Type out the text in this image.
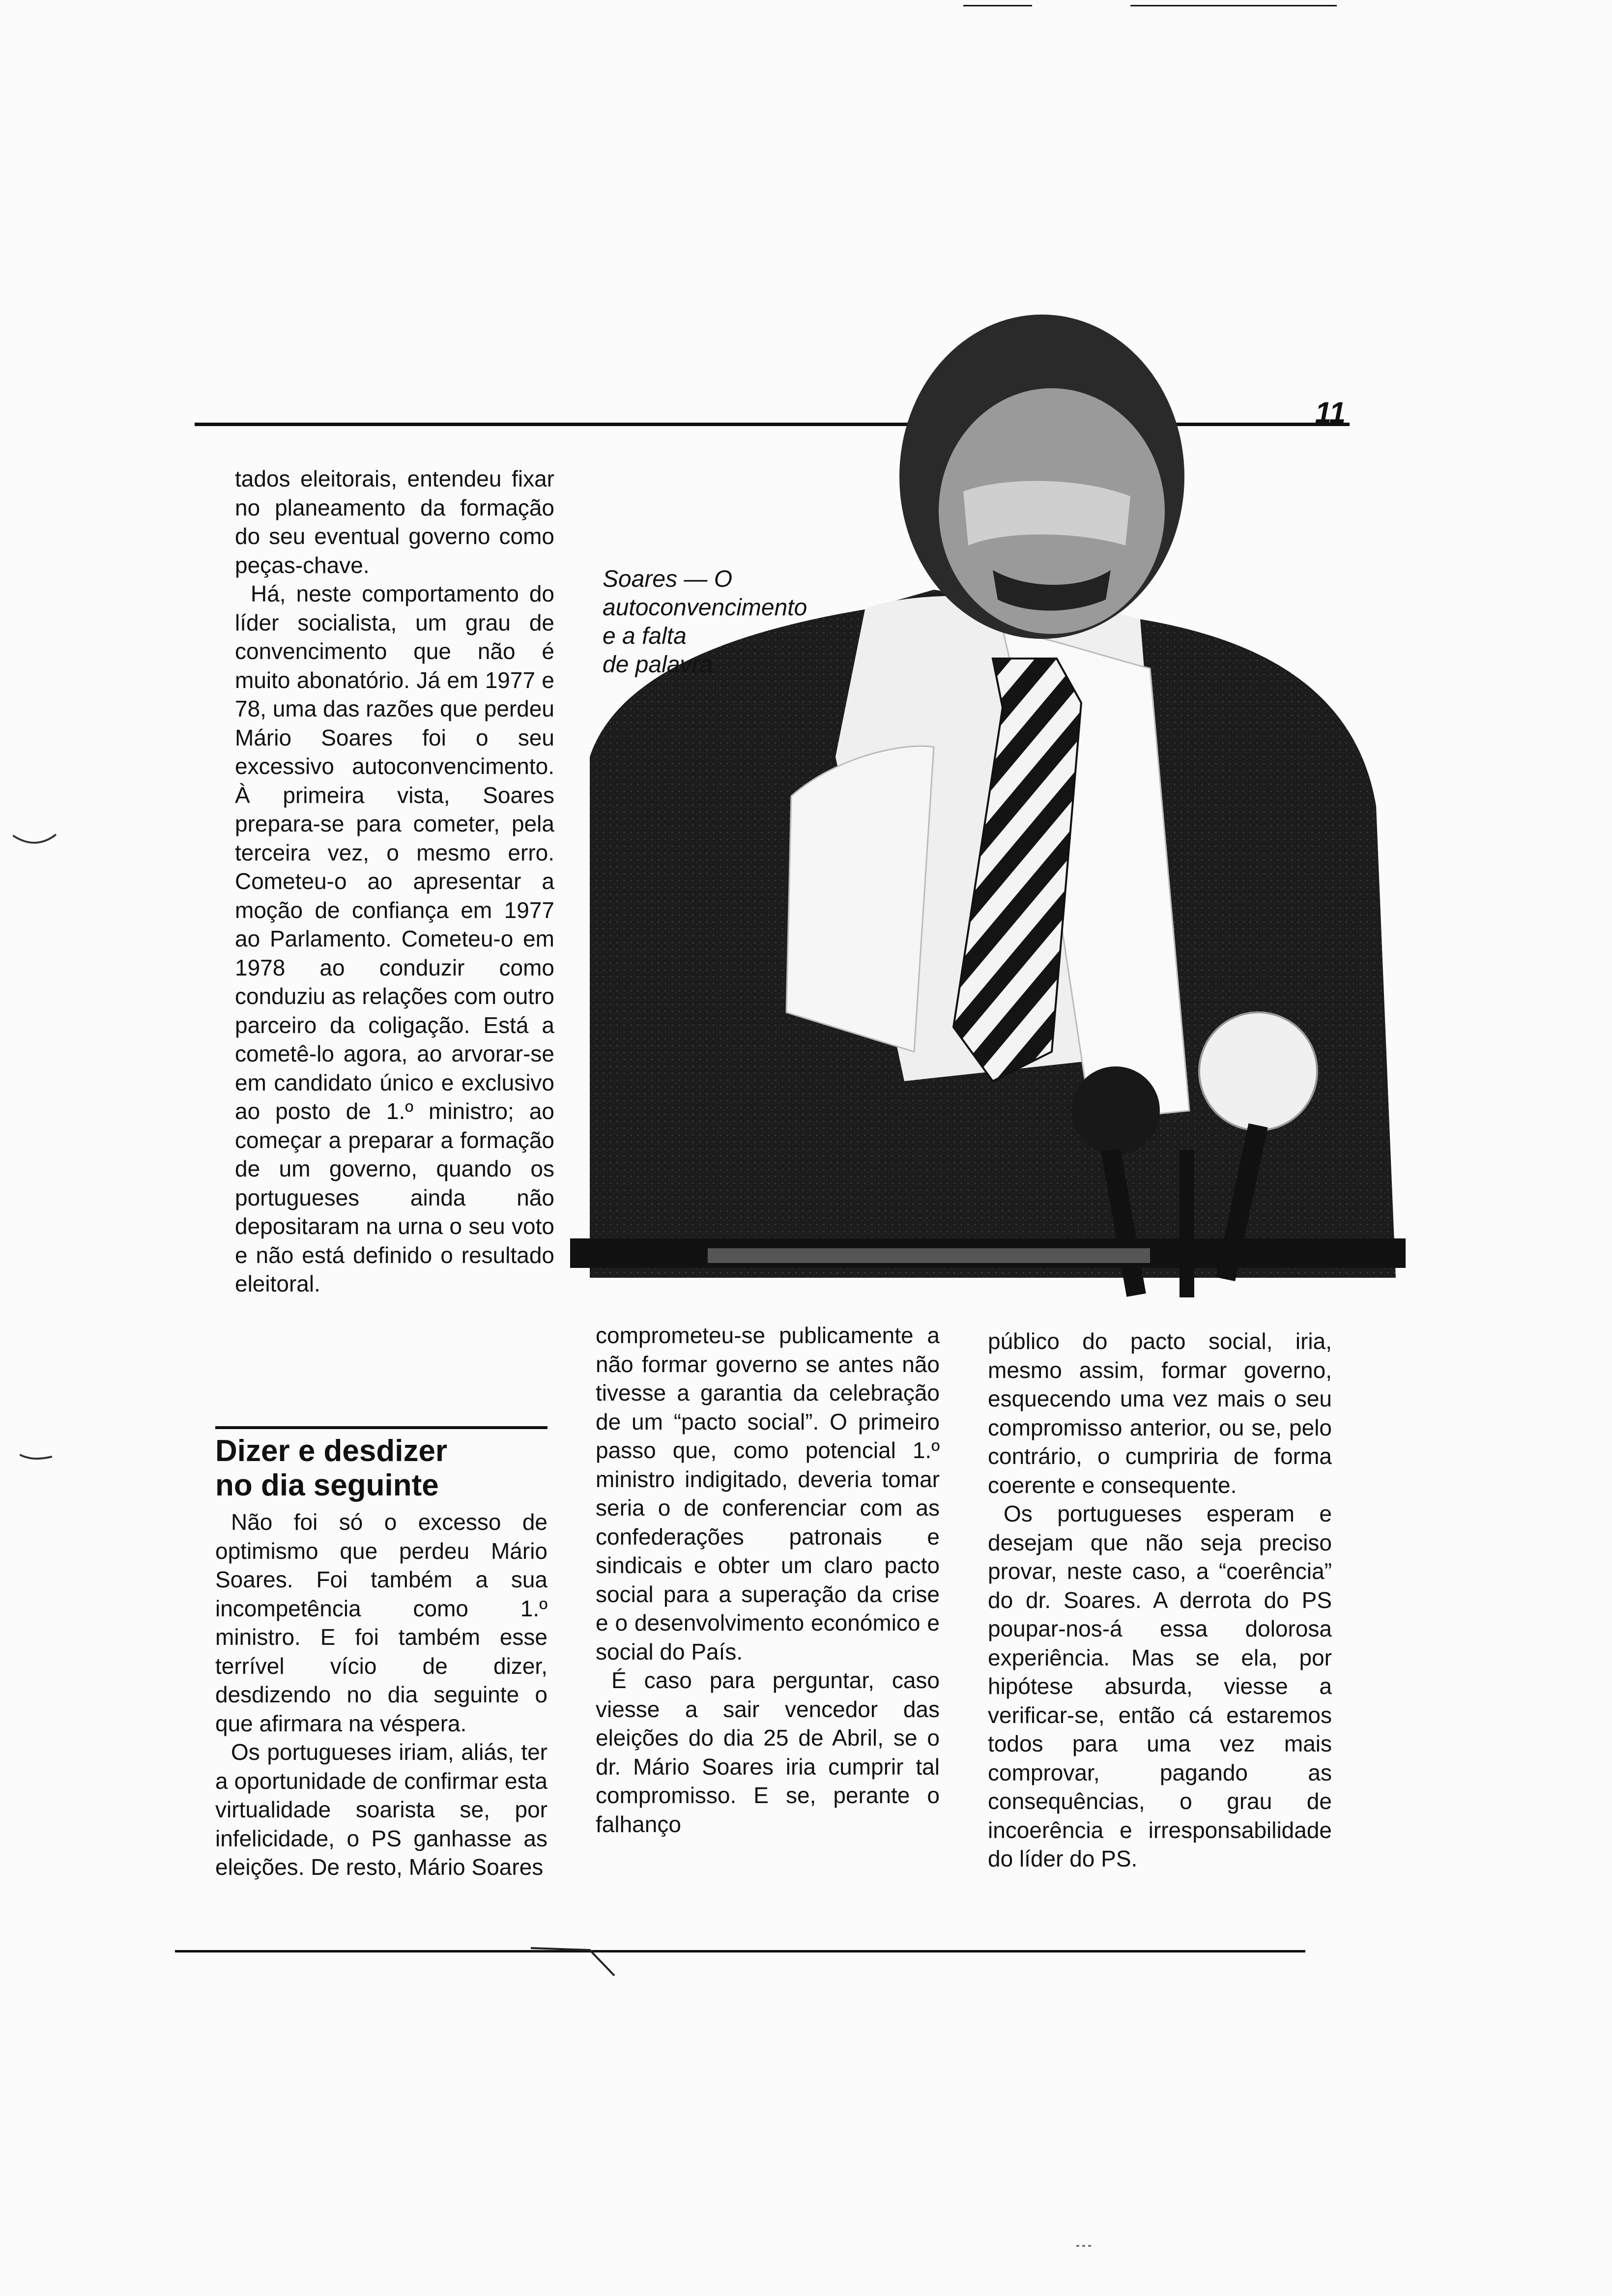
11
Soares — O
autoconvencimento
e a falta
de palavra

tados eleitorais, entendeu fixar no planeamento da formação do seu eventual governo como peças-chave.

Há, neste comportamento do líder socialista, um grau de convencimento que não é muito abonatório. Já em 1977 e 78, uma das razões que perdeu Mário Soares foi o seu excessivo autoconvencimento. À primeira vista, Soares prepara-se para cometer, pela terceira vez, o mesmo erro. Cometeu-o ao apresentar a moção de confiança em 1977 ao Parlamento. Cometeu-o em 1978 ao conduzir como conduziu as relações com outro parceiro da coligação. Está a cometê-lo agora, ao arvorar-se em candidato único e exclusivo ao posto de 1.º ministro; ao começar a preparar a formação de um governo, quando os portugueses ainda não depositaram na urna o seu voto e não está definido o resultado eleitoral.

Dizer e desdizer
no dia seguinte

Não foi só o excesso de optimismo que perdeu Mário Soares. Foi também a sua incompetência como 1.º ministro. E foi também esse terrível vício de dizer, desdizendo no dia seguinte o que afirmara na véspera.

Os portugueses iriam, aliás, ter a oportunidade de confirmar esta virtualidade soarista se, por infelicidade, o PS ganhasse as eleições. De resto, Mário Soares

comprometeu-se publicamente a não formar governo se antes não tivesse a garantia da celebração de um “pacto social”. O primeiro passo que, como potencial 1.º ministro indigitado, deveria tomar seria o de conferenciar com as confederações patronais e sindicais e obter um claro pacto social para a superação da crise e o desenvolvimento económico e social do País.

É caso para perguntar, caso viesse a sair vencedor das eleições do dia 25 de Abril, se o dr. Mário Soares iria cumprir tal compromisso. E se, perante o falhanço

público do pacto social, iria, mesmo assim, formar governo, esquecendo uma vez mais o seu compromisso anterior, ou se, pelo contrário, o cumpriria de forma coerente e consequente.

Os portugueses esperam e desejam que não seja preciso provar, neste caso, a “coerência” do dr. Soares. A derrota do PS poupar-nos-á essa dolorosa experiência. Mas se ela, por hipótese absurda, viesse a verificar-se, então cá estaremos todos para uma vez mais comprovar, pagando as consequências, o grau de incoerência e irresponsabilidade do líder do PS.
